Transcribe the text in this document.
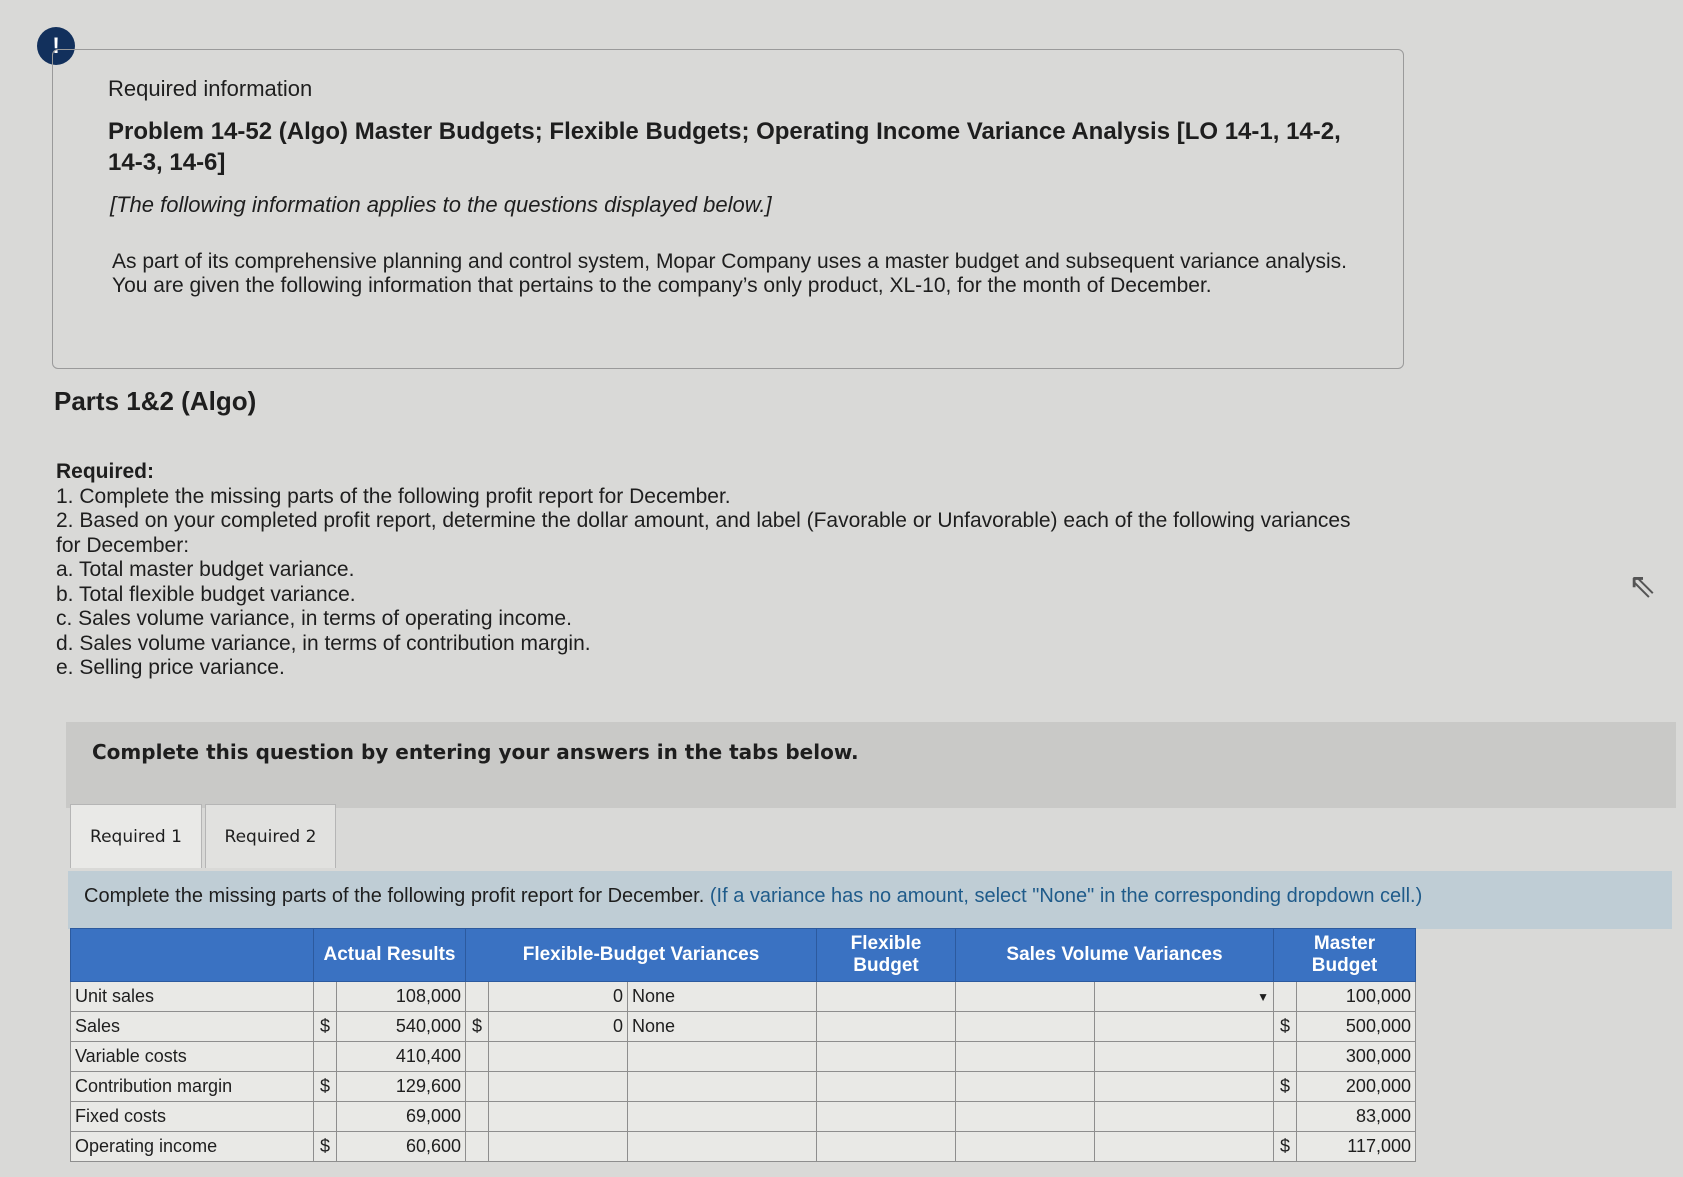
!
Required information
Problem 14-52 (Algo) Master Budgets; Flexible Budgets; Operating Income Variance Analysis [LO 14-1, 14-2, 14-3, 14-6]
[The following information applies to the questions displayed below.]
As part of its comprehensive planning and control system, Mopar Company uses a master budget and subsequent variance analysis. You are given the following information that pertains to the company’s only product, XL-10, for the month of December.
Parts 1&2 (Algo)
Required:
1. Complete the missing parts of the following profit report for December.
2. Based on your completed profit report, determine the dollar amount, and label (Favorable or Unfavorable) each of the following variances for December:
a. Total master budget variance.
b. Total flexible budget variance.
c. Sales volume variance, in terms of operating income.
d. Sales volume variance, in terms of contribution margin.
e. Selling price variance.
Complete this question by entering your answers in the tabs below.
Required 1	Required 2
Complete the missing parts of the following profit report for December. (If a variance has no amount, select "None" in the corresponding dropdown cell.)
	Actual Results		Flexible-Budget Variances			Flexible Budget	Sales Volume Variances		Master Budget	
Unit sales		108,000		0	None			▼		100,000
Sales	$	540,000	$	0	None				$	500,000
Variable costs		410,400								300,000
Contribution margin	$	129,600							$	200,000
Fixed costs		69,000								83,000
Operating income	$	60,600							$	117,000
⇖
